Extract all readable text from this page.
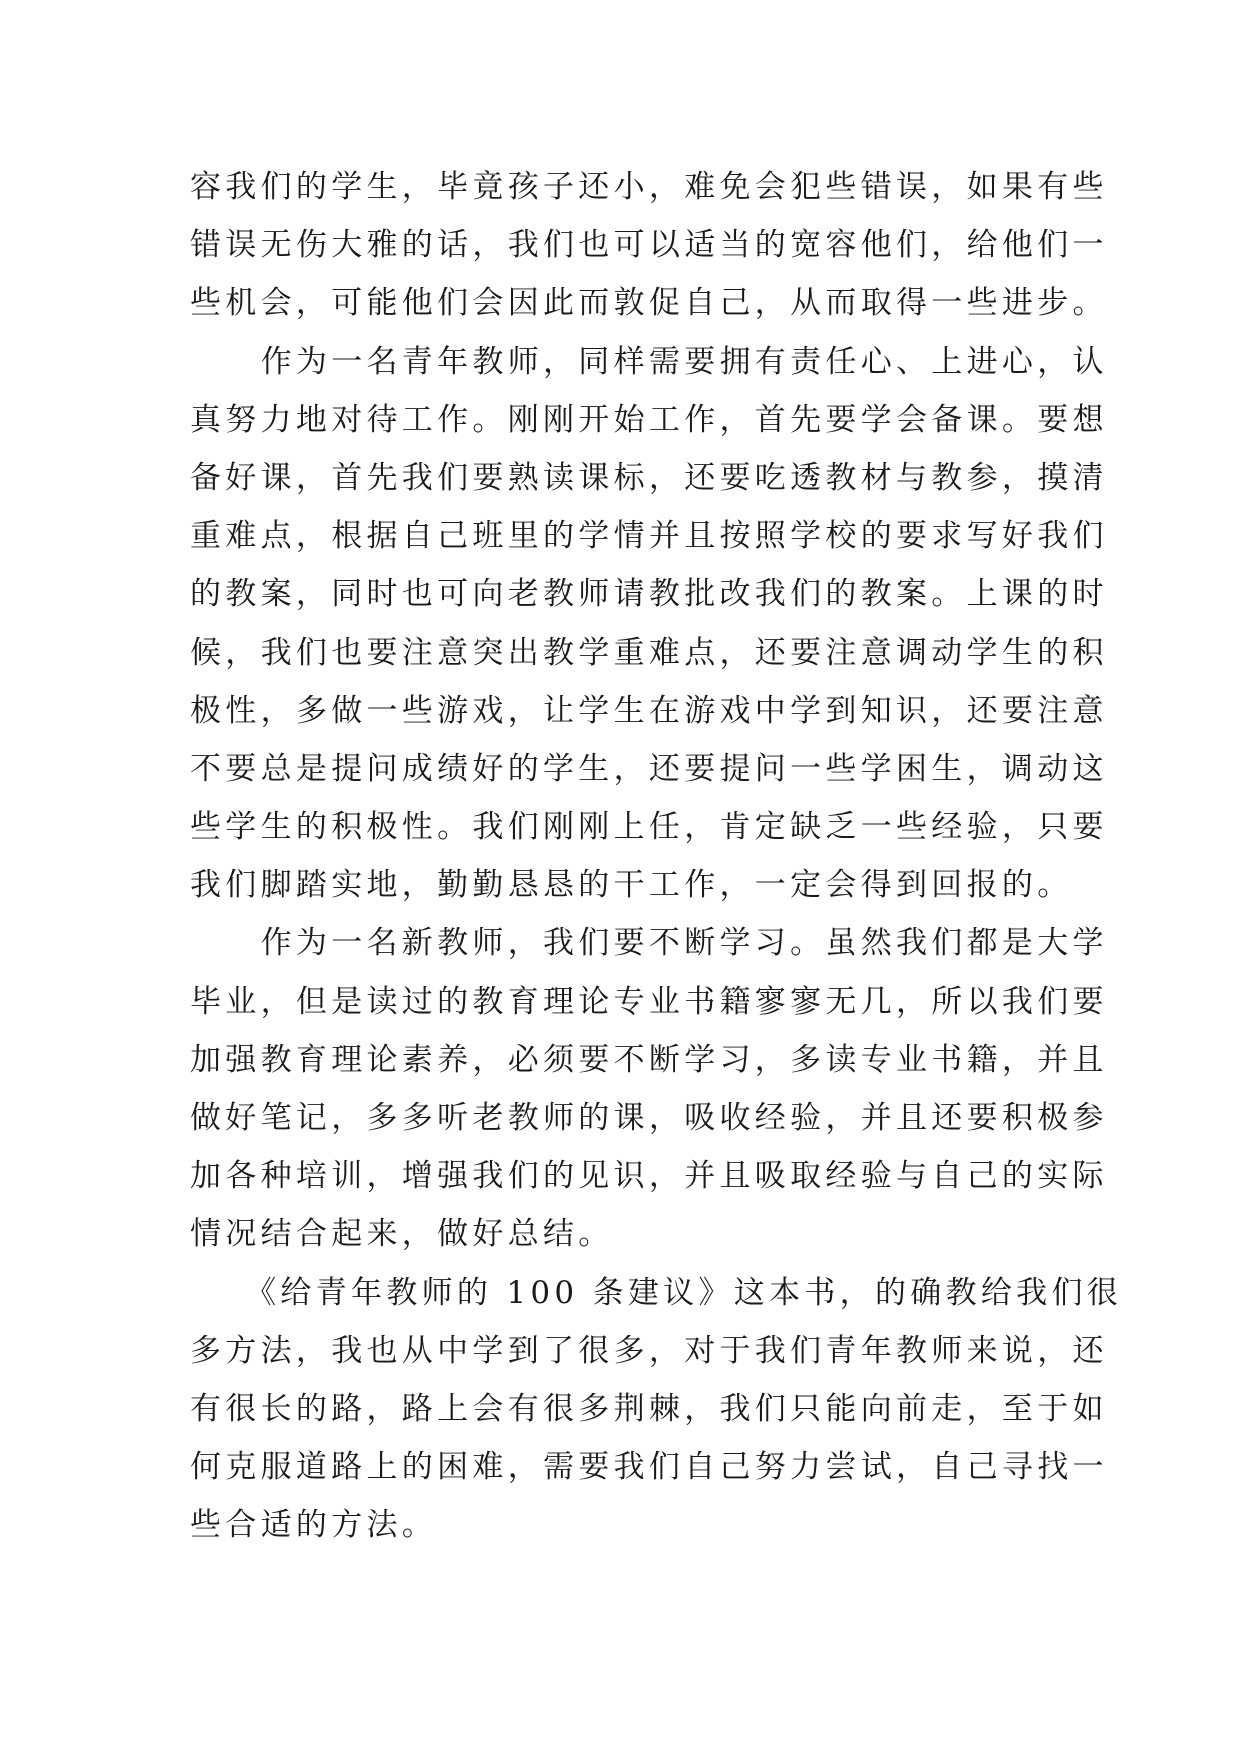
容我们的学生，毕竟孩子还小，难免会犯些错误，如果有些
错误无伤大雅的话，我们也可以适当的宽容他们，给他们一
些机会，可能他们会因此而敦促自己，从而取得一些进步。
　　作为一名青年教师，同样需要拥有责任心、上进心，认
真努力地对待工作。刚刚开始工作，首先要学会备课。要想
备好课，首先我们要熟读课标，还要吃透教材与教参，摸清
重难点，根据自己班里的学情并且按照学校的要求写好我们
的教案，同时也可向老教师请教批改我们的教案。上课的时
候，我们也要注意突出教学重难点，还要注意调动学生的积
极性，多做一些游戏，让学生在游戏中学到知识，还要注意
不要总是提问成绩好的学生，还要提问一些学困生，调动这
些学生的积极性。我们刚刚上任，肯定缺乏一些经验，只要
我们脚踏实地，勤勤恳恳的干工作，一定会得到回报的。
　　作为一名新教师，我们要不断学习。虽然我们都是大学
毕业，但是读过的教育理论专业书籍寥寥无几，所以我们要
加强教育理论素养，必须要不断学习，多读专业书籍，并且
做好笔记，多多听老教师的课，吸收经验，并且还要积极参
加各种培训，增强我们的见识，并且吸取经验与自己的实际
情况结合起来，做好总结。
　　《给青年教师的 100 条建议》这本书，的确教给我们很
多方法，我也从中学到了很多，对于我们青年教师来说，还
有很长的路，路上会有很多荆棘，我们只能向前走，至于如
何克服道路上的困难，需要我们自己努力尝试，自己寻找一
些合适的方法。
